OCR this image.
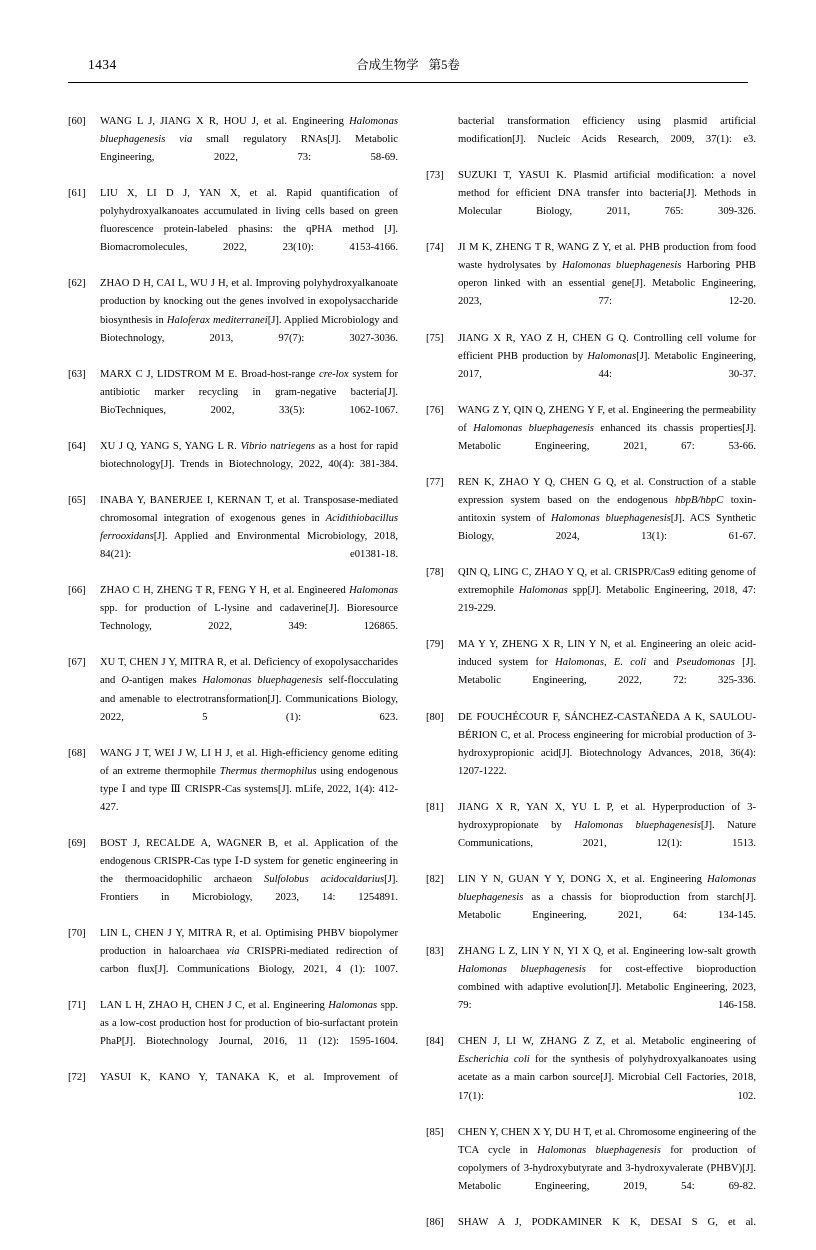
1434	合成生物学 第5卷
[60]	WANG L J, JIANG X R, HOU J, et al. Engineering Halomonas bluephagenesis via small regulatory RNAs[J]. Metabolic Engineering, 2022, 73: 58-69.
[61]	LIU X, LI D J, YAN X, et al. Rapid quantification of polyhydroxyalkanoates accumulated in living cells based on green fluorescence protein-labeled phasins: the qPHA method [J]. Biomacromolecules, 2022, 23(10): 4153-4166.
[62]	ZHAO D H, CAI L, WU J H, et al. Improving polyhydroxyalkanoate production by knocking out the genes involved in exopolysaccharide biosynthesis in Haloferax mediterranei[J]. Applied Microbiology and Biotechnology, 2013, 97(7): 3027-3036.
[63]	MARX C J, LIDSTROM M E. Broad-host-range cre-lox system for antibiotic marker recycling in gram-negative bacteria[J]. BioTechniques, 2002, 33(5): 1062-1067.
[64]	XU J Q, YANG S, YANG L R. Vibrio natriegens as a host for rapid biotechnology[J]. Trends in Biotechnology, 2022, 40(4): 381-384.
[65]	INABA Y, BANERJEE I, KERNAN T, et al. Transposase-mediated chromosomal integration of exogenous genes in Acidithiobacillus ferrooxidans[J]. Applied and Environmental Microbiology, 2018, 84(21): e01381-18.
[66]	ZHAO C H, ZHENG T R, FENG Y H, et al. Engineered Halomonas spp. for production of L-lysine and cadaverine[J]. Bioresource Technology, 2022, 349: 126865.
[67]	XU T, CHEN J Y, MITRA R, et al. Deficiency of exopolysaccharides and O-antigen makes Halomonas bluephagenesis self-flocculating and amenable to electrotransformation[J]. Communications Biology, 2022, 5 (1): 623.
[68]	WANG J T, WEI J W, LI H J, et al. High-efficiency genome editing of an extreme thermophile Thermus thermophilus using endogenous type Ⅰ and type Ⅲ CRISPR-Cas systems[J]. mLife, 2022, 1(4): 412-427.
[69]	BOST J, RECALDE A, WAGNER B, et al. Application of the endogenous CRISPR-Cas type Ⅰ-D system for genetic engineering in the thermoacidophilic archaeon Sulfolobus acidocaldarius[J]. Frontiers in Microbiology, 2023, 14: 1254891.
[70]	LIN L, CHEN J Y, MITRA R, et al. Optimising PHBV biopolymer production in haloarchaea via CRISPRi-mediated redirection of carbon flux[J]. Communications Biology, 2021, 4 (1): 1007.
[71]	LAN L H, ZHAO H, CHEN J C, et al. Engineering Halomonas spp. as a low-cost production host for production of bio-surfactant protein PhaP[J]. Biotechnology Journal, 2016, 11 (12): 1595-1604.
[72]	YASUI K, KANO Y, TANAKA K, et al. Improvement of
bacterial transformation efficiency using plasmid artificial modification[J]. Nucleic Acids Research, 2009, 37(1): e3.
[73]	SUZUKI T, YASUI K. Plasmid artificial modification: a novel method for efficient DNA transfer into bacteria[J]. Methods in Molecular Biology, 2011, 765: 309-326.
[74]	JI M K, ZHENG T R, WANG Z Y, et al. PHB production from food waste hydrolysates by Halomonas bluephagenesis Harboring PHB operon linked with an essential gene[J]. Metabolic Engineering, 2023, 77: 12-20.
[75]	JIANG X R, YAO Z H, CHEN G Q. Controlling cell volume for efficient PHB production by Halomonas[J]. Metabolic Engineering, 2017, 44: 30-37.
[76]	WANG Z Y, QIN Q, ZHENG Y F, et al. Engineering the permeability of Halomonas bluephagenesis enhanced its chassis properties[J]. Metabolic Engineering, 2021, 67: 53-66.
[77]	REN K, ZHAO Y Q, CHEN G Q, et al. Construction of a stable expression system based on the endogenous hbpB/hbpC toxin-antitoxin system of Halomonas bluephagenesis[J]. ACS Synthetic Biology, 2024, 13(1): 61-67.
[78]	QIN Q, LING C, ZHAO Y Q, et al. CRISPR/Cas9 editing genome of extremophile Halomonas spp[J]. Metabolic Engineering, 2018, 47: 219-229.
[79]	MA Y Y, ZHENG X R, LIN Y N, et al. Engineering an oleic acid-induced system for Halomonas, E. coli and Pseudomonas [J]. Metabolic Engineering, 2022, 72: 325-336.
[80]	DE FOUCHÉCOUR F, SÁNCHEZ-CASTAÑEDA A K, SAULOU-BÉRION C, et al. Process engineering for microbial production of 3-hydroxypropionic acid[J]. Biotechnology Advances, 2018, 36(4): 1207-1222.
[81]	JIANG X R, YAN X, YU L P, et al. Hyperproduction of 3-hydroxypropionate by Halomonas bluephagenesis[J]. Nature Communications, 2021, 12(1): 1513.
[82]	LIN Y N, GUAN Y Y, DONG X, et al. Engineering Halomonas bluephagenesis as a chassis for bioproduction from starch[J]. Metabolic Engineering, 2021, 64: 134-145.
[83]	ZHANG L Z, LIN Y N, YI X Q, et al. Engineering low-salt growth Halomonas bluephagenesis for cost-effective bioproduction combined with adaptive evolution[J]. Metabolic Engineering, 2023, 79: 146-158.
[84]	CHEN J, LI W, ZHANG Z Z, et al. Metabolic engineering of Escherichia coli for the synthesis of polyhydroxyalkanoates using acetate as a main carbon source[J]. Microbial Cell Factories, 2018, 17(1): 102.
[85]	CHEN Y, CHEN X Y, DU H T, et al. Chromosome engineering of the TCA cycle in Halomonas bluephagenesis for production of copolymers of 3-hydroxybutyrate and 3-hydroxyvalerate (PHBV)[J]. Metabolic Engineering, 2019, 54: 69-82.
[86]	SHAW A J, PODKAMINER K K, DESAI S G, et al.
